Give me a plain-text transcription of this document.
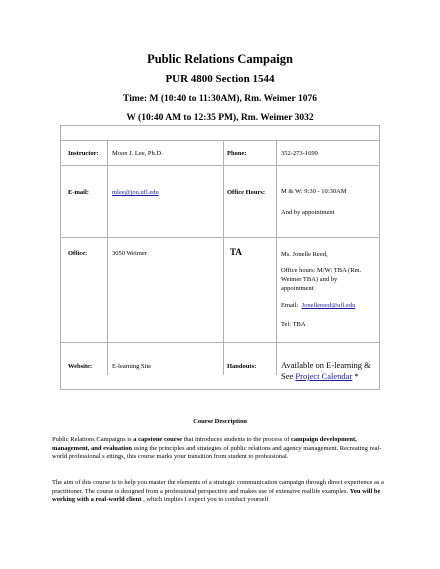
Public Relations Campaign
PUR 4800 Section 1544
Time: M (10:40 to 11:30AM), Rm. Weimer 1076
W (10:40 AM to 12:35 PM), Rm. Weimer 3032
Instructor: Moon J. Lee, Ph.D.	Phone:	352-273-1699
E-mail:	mlee@jou.ufl.edu	Office Hours: M & W: 9:30 - 10:30AM
And by appointment
Office:	3050 Weimer	TA	Ms. Jonelle Reed,
Office hours: M/W: TBA (Rm.
Weimer TBA) and by
appointment
Email: Jonellereed@ufl.edu
Tel: TBA
Website:	E-learning Site	Handouts:	Available on E-learning &
See Project Calendar *
Course Description
Public Relations Campaigns is a capstone course that introduces students to the process of campaign development, management, and evaluation using the principles and strategies of public relations and agency management. Recreating real-world professional s ettings, this course marks your transition from student to professional.
The aim of this course is to help you master the elements of a strategic communication campaign through direct experience as a practitioner. The course is designed from a professional perspective and makes use of extensive reallife examples. You will be working with a real-world client , which implies I expect you to conduct yourself
